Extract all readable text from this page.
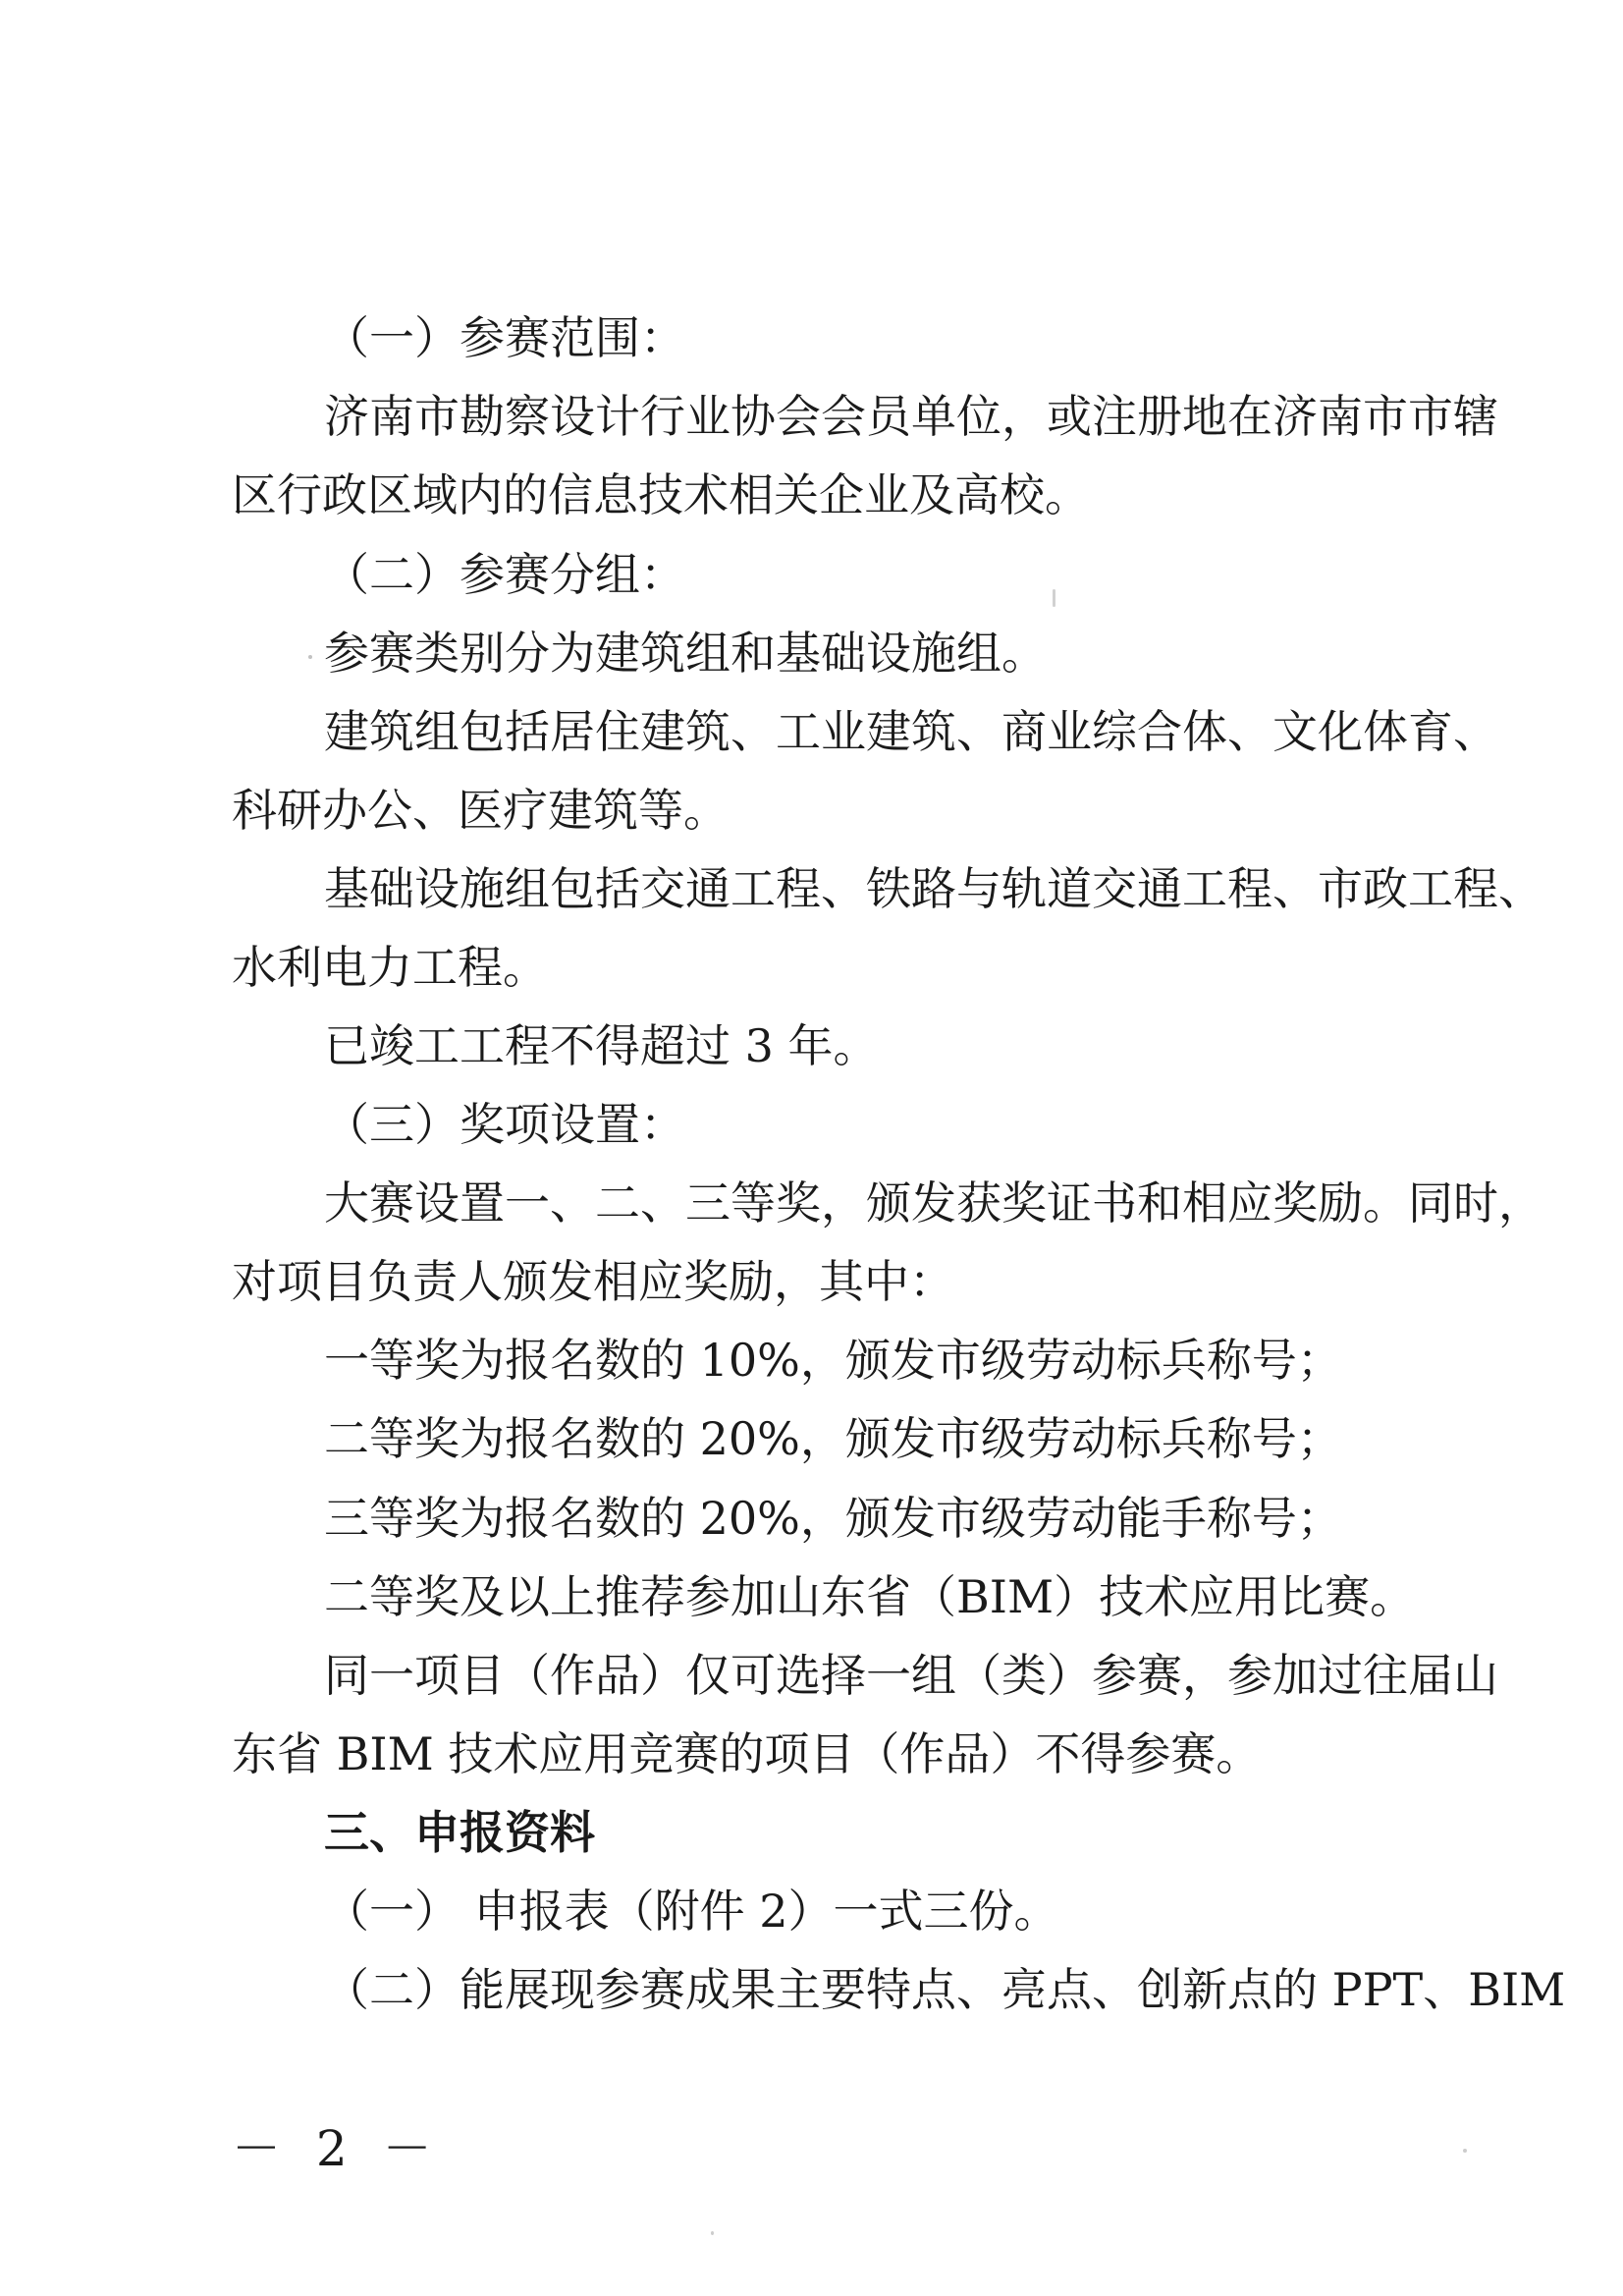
（一）参赛范围：
济南市勘察设计行业协会会员单位，或注册地在济南市市辖
区行政区域内的信息技术相关企业及高校。
（二）参赛分组：
参赛类别分为建筑组和基础设施组。
建筑组包括居住建筑、工业建筑、商业综合体、文化体育、
科研办公、医疗建筑等。
基础设施组包括交通工程、铁路与轨道交通工程、市政工程、
水利电力工程。
已竣工工程不得超过 3 年。
（三）奖项设置：
大赛设置一、二、三等奖，颁发获奖证书和相应奖励。同时，
对项目负责人颁发相应奖励，其中：
一等奖为报名数的 10%，颁发市级劳动标兵称号；
二等奖为报名数的 20%，颁发市级劳动标兵称号；
三等奖为报名数的 20%，颁发市级劳动能手称号；
二等奖及以上推荐参加山东省（BIM）技术应用比赛。
同一项目（作品）仅可选择一组（类）参赛，参加过往届山
东省 BIM 技术应用竞赛的项目（作品）不得参赛。
三、申报资料
（一） 申报表（附件 2）一式三份。
（二）能展现参赛成果主要特点、亮点、创新点的 PPT、BIM
－ 2 －
